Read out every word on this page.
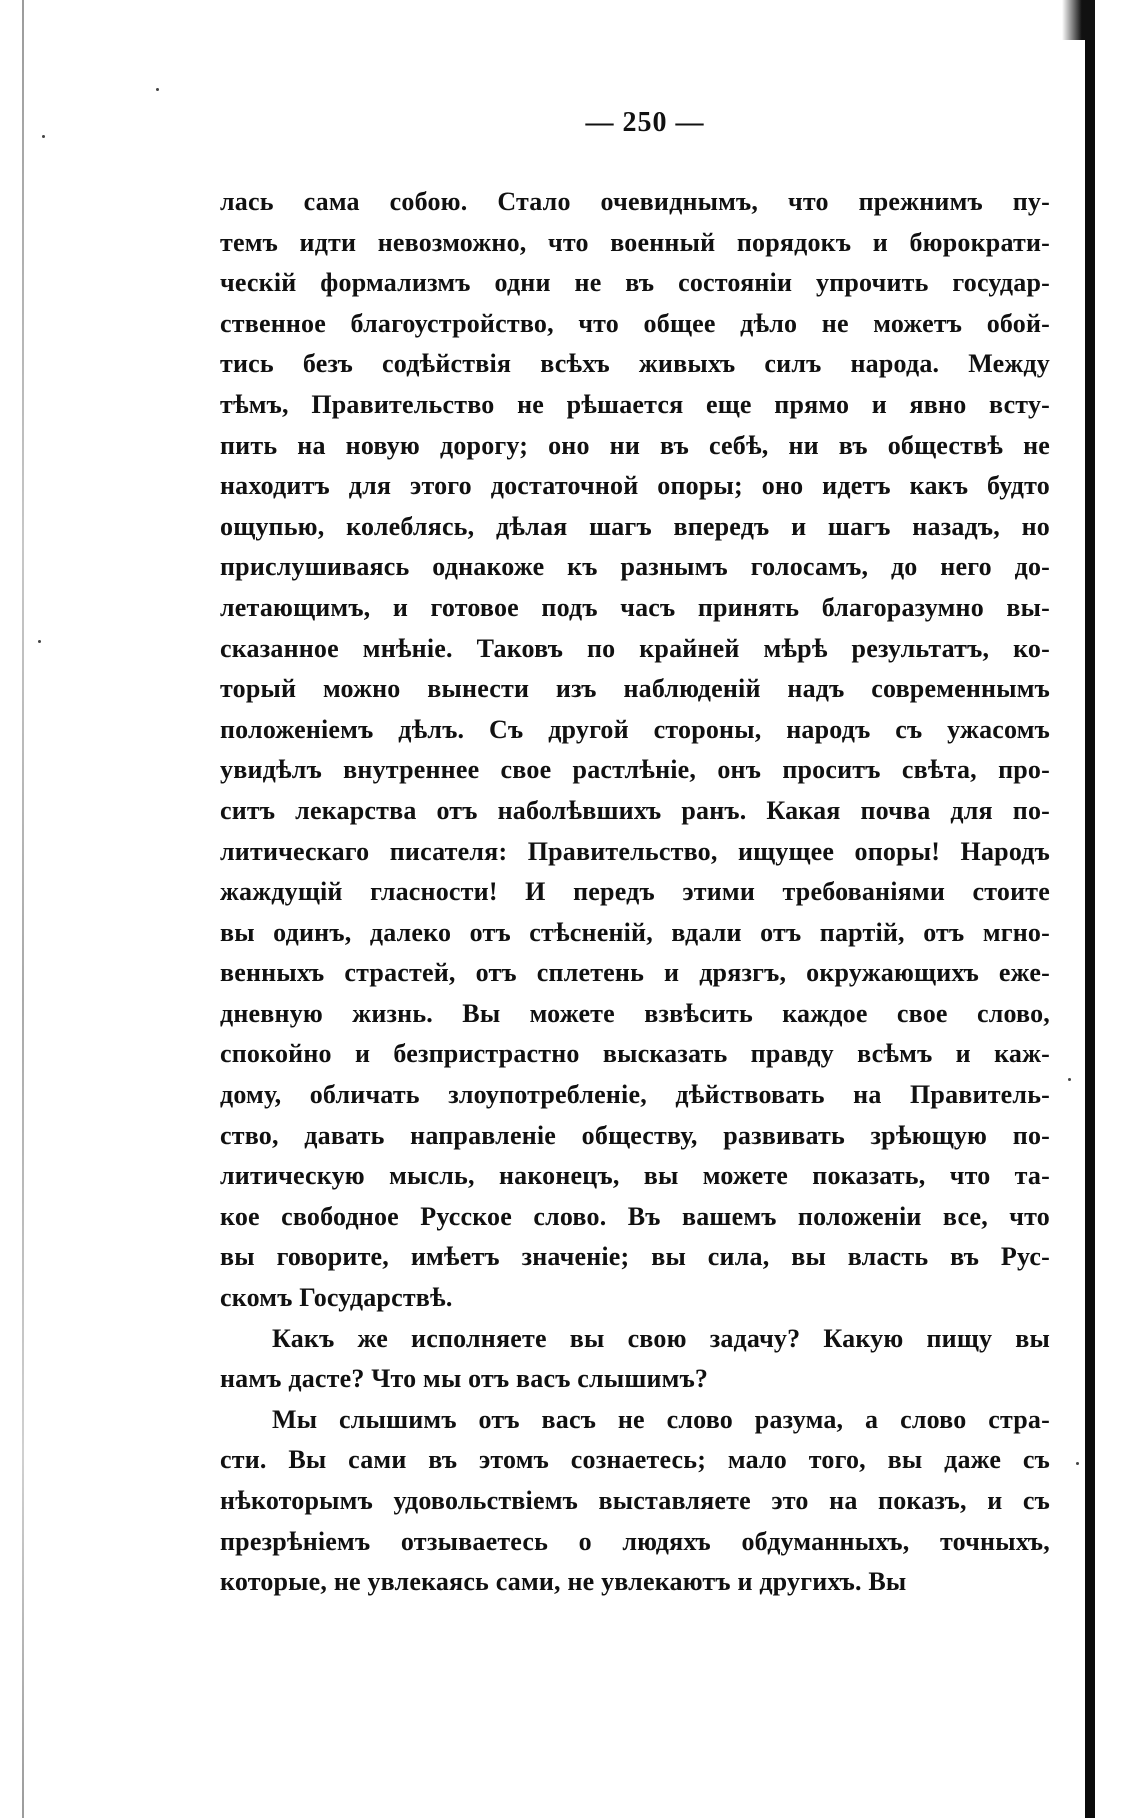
— 250 —
лась сама собою. Стало очевиднымъ, что прежнимъ пу-
темъ идти невозможно, что военный порядокъ и бюрократи-
ческій формализмъ одни не въ состояніи упрочить государ-
ственное благоустройство, что общее дѣло не можетъ обой-
тись безъ содѣйствія всѣхъ живыхъ силъ народа. Между
тѣмъ, Правительство не рѣшается еще прямо и явно всту-
пить на новую дорогу; оно ни въ себѣ, ни въ обществѣ не
находитъ для этого достаточной опоры; оно идетъ какъ будто
ощупью, колеблясь, дѣлая шагъ впередъ и шагъ назадъ, но
прислушиваясь однакоже къ разнымъ голосамъ, до него до-
летающимъ, и готовое подъ часъ принять благоразумно вы-
сказанное мнѣніе. Таковъ по крайней мѣрѣ результатъ, ко-
торый можно вынести изъ наблюденій надъ современнымъ
положеніемъ дѣлъ. Съ другой стороны, народъ съ ужасомъ
увидѣлъ внутреннее свое растлѣніе, онъ проситъ свѣта, про-
ситъ лекарства отъ наболѣвшихъ ранъ. Какая почва для по-
литическаго писателя: Правительство, ищущее опоры! Народъ
жаждущій гласности! И передъ этими требованіями стоите
вы одинъ, далеко отъ стѣсненій, вдали отъ партій, отъ мгно-
венныхъ страстей, отъ сплетень и дрязгъ, окружающихъ еже-
дневную жизнь. Вы можете взвѣсить каждое свое слово,
спокойно и безпристрастно высказать правду всѣмъ и каж-
дому, обличать злоупотребленіе, дѣйствовать на Правитель-
ство, давать направленіе обществу, развивать зрѣющую по-
литическую мысль, наконецъ, вы можете показать, что та-
кое свободное Русское слово. Въ вашемъ положеніи все, что
вы говорите, имѣетъ значеніе; вы сила, вы власть въ Рус-
скомъ Государствѣ.
Какъ же исполняете вы свою задачу? Какую пищу вы
намъ дасте? Что мы отъ васъ слышимъ?
Мы слышимъ отъ васъ не слово разума, а слово стра-
сти. Вы сами въ этомъ сознаетесь; мало того, вы даже съ
нѣкоторымъ удовольствіемъ выставляете это на показъ, и съ
презрѣніемъ отзываетесь о людяхъ обдуманныхъ, точныхъ,
которые, не увлекаясь сами, не увлекаютъ и другихъ. Вы
